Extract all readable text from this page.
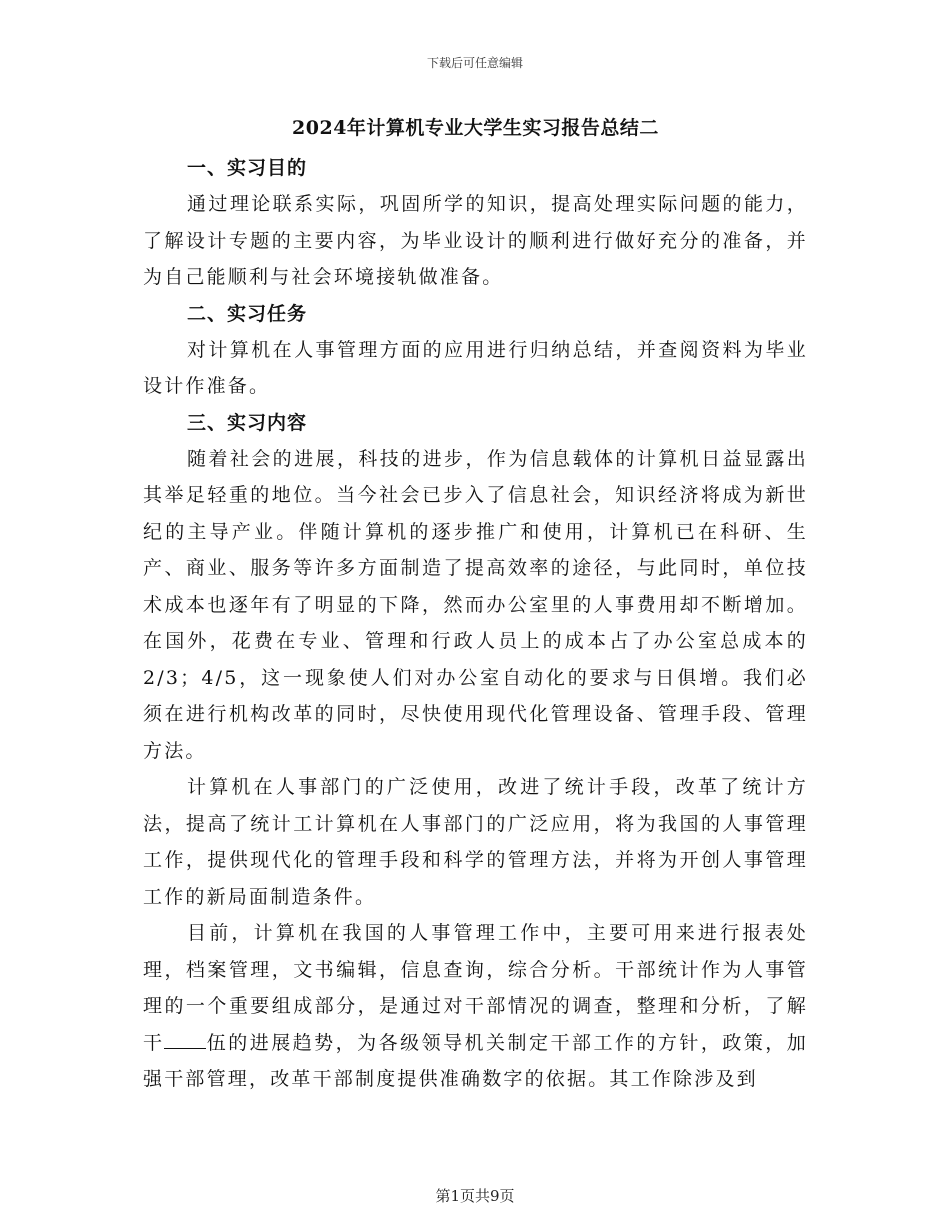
下载后可任意编辑
2024年计算机专业大学生实习报告总结二
一、实习目的

通过理论联系实际，巩固所学的知识，提高处理实际问题的能力，了解设计专题的主要内容，为毕业设计的顺利进行做好充分的准备，并为自己能顺利与社会环境接轨做准备。

二、实习任务

对计算机在人事管理方面的应用进行归纳总结，并查阅资料为毕业设计作准备。

三、实习内容

随着社会的进展，科技的进步，作为信息载体的计算机日益显露出其举足轻重的地位。当今社会已步入了信息社会，知识经济将成为新世纪的主导产业。伴随计算机的逐步推广和使用，计算机已在科研、生产、商业、服务等许多方面制造了提高效率的途径，与此同时，单位技术成本也逐年有了明显的下降，然而办公室里的人事费用却不断增加。在国外，花费在专业、管理和行政人员上的成本占了办公室总成本的2/3；4/5，这一现象使人们对办公室自动化的要求与日俱增。我们必须在进行机构改革的同时，尽快使用现代化管理设备、管理手段、管理方法。

计算机在人事部门的广泛使用，改进了统计手段，改革了统计方法，提高了统计工计算机在人事部门的广泛应用，将为我国的人事管理工作，提供现代化的管理手段和科学的管理方法，并将为开创人事管理工作的新局面制造条件。

目前，计算机在我国的人事管理工作中，主要可用来进行报表处理，档案管理，文书编辑，信息查询，综合分析。干部统计作为人事管理的一个重要组成部分，是通过对干部情况的调查，整理和分析，了解干 伍的进展趋势，为各级领导机关制定干部工作的方针，政策，加强干部管理，改革干部制度提供准确数字的依据。其工作除涉及到

第1页共9页
